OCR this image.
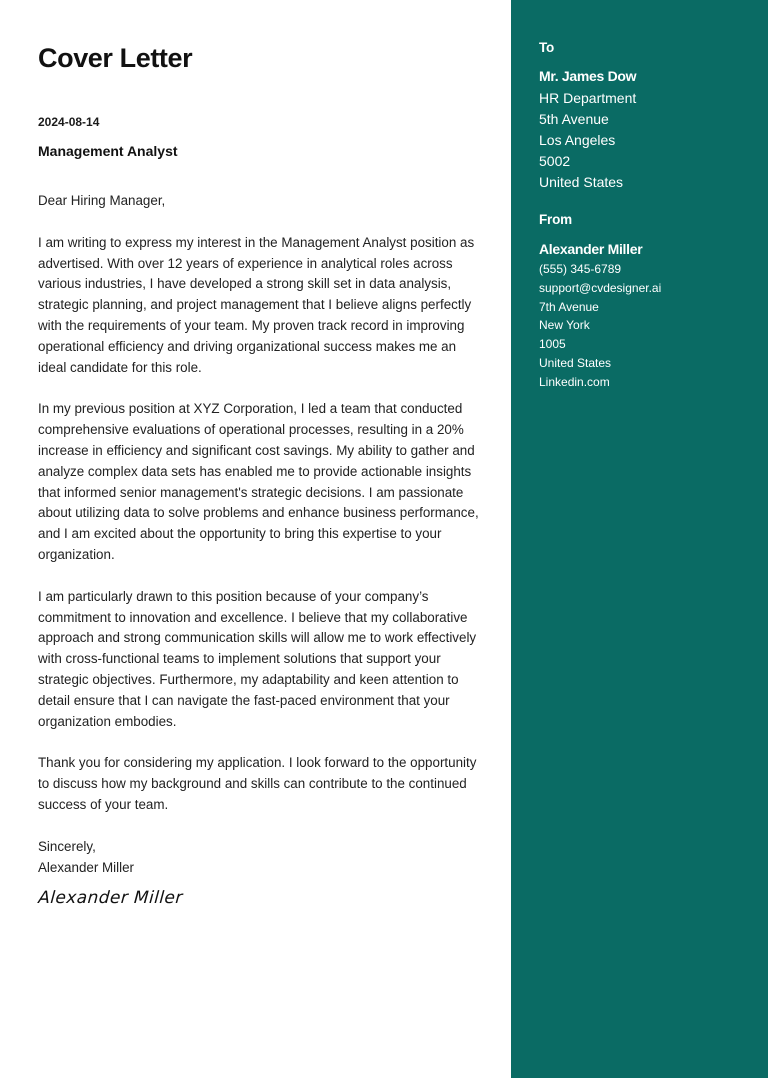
Cover Letter
2024-08-14
Management Analyst

Dear Hiring Manager,

I am writing to express my interest in the Management Analyst position as advertised. With over 12 years of experience in analytical roles across various industries, I have developed a strong skill set in data analysis, strategic planning, and project management that I believe aligns perfectly with the requirements of your team. My proven track record in improving operational efficiency and driving organizational success makes me an ideal candidate for this role.

In my previous position at XYZ Corporation, I led a team that conducted comprehensive evaluations of operational processes, resulting in a 20% increase in efficiency and significant cost savings. My ability to gather and analyze complex data sets has enabled me to provide actionable insights that informed senior management's strategic decisions. I am passionate about utilizing data to solve problems and enhance business performance, and I am excited about the opportunity to bring this expertise to your organization.

I am particularly drawn to this position because of your company’s commitment to innovation and excellence. I believe that my collaborative approach and strong communication skills will allow me to work effectively with cross-functional teams to implement solutions that support your strategic objectives. Furthermore, my adaptability and keen attention to detail ensure that I can navigate the fast-paced environment that your organization embodies.

Thank you for considering my application. I look forward to the opportunity to discuss how my background and skills can contribute to the continued success of your team.

Sincerely,
Alexander Miller
Alexander Miller
To
Mr. James Dow
HR Department
5th Avenue
Los Angeles
5002
United States
From
Alexander Miller
(555) 345-6789
support@cvdesigner.ai
7th Avenue
New York
1005
United States
Linkedin.com
